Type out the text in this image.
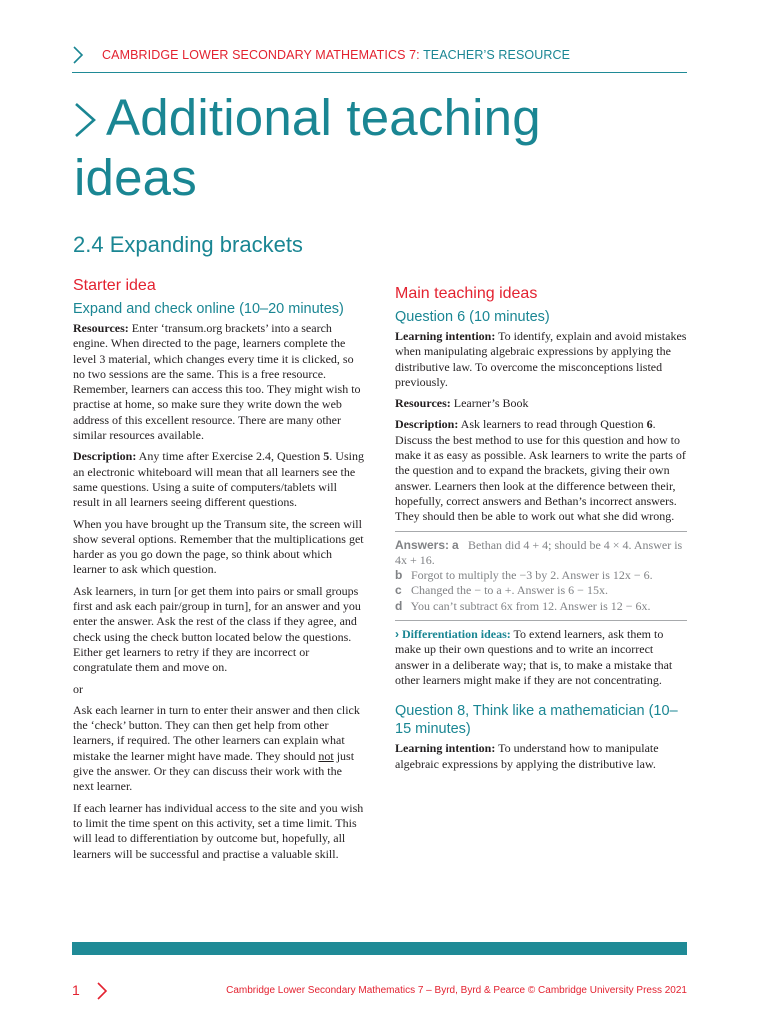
CAMBRIDGE LOWER SECONDARY MATHEMATICS 7: TEACHER’S RESOURCE
Additional teaching
ideas
2.4 Expanding brackets
Starter idea
Expand and check online (10–20 minutes)

Resources: Enter ‘transum.org brackets’ into a search engine. When directed to the page, learners complete the level 3 material, which changes every time it is clicked, so no two sessions are the same. This is a free resource. Remember, learners can access this too. They might wish to practise at home, so make sure they write down the web address of this excellent resource. There are many other similar resources available.

Description: Any time after Exercise 2.4, Question 5. Using an electronic whiteboard will mean that all learners see the same questions. Using a suite of computers/tablets will result in all learners seeing different questions.

When you have brought up the Transum site, the screen will show several options. Remember that the multiplications get harder as you go down the page, so think about which learner to ask which question.

Ask learners, in turn [or get them into pairs or small groups first and ask each pair/group in turn], for an answer and you enter the answer. Ask the rest of the class if they agree, and check using the check button located below the questions. Either get learners to retry if they are incorrect or congratulate them and move on.

or

Ask each learner in turn to enter their answer and then click the ‘check’ button. They can then get help from other learners, if required. The other learners can explain what mistake the learner might have made. They should not just give the answer. Or they can discuss their work with the next learner.

If each learner has individual access to the site and you wish to limit the time spent on this activity, set a time limit. This will lead to differentiation by outcome but, hopefully, all learners will be successful and practise a valuable skill.

Main teaching ideas
Question 6 (10 minutes)

Learning intention: To identify, explain and avoid mistakes when manipulating algebraic expressions by applying the distributive law. To overcome the misconceptions listed previously.

Resources: Learner’s Book

Description: Ask learners to read through Question 6. Discuss the best method to use for this question and how to make it as easy as possible. Ask learners to write the parts of the question and to expand the brackets, giving their own answer. Learners then look at the difference between their, hopefully, correct answers and Bethan’s incorrect answers. They should then be able to work out what she did wrong.

Answers: a Bethan did 4 + 4; should be 4 × 4. Answer is 4x + 16.
b Forgot to multiply the −3 by 2. Answer is 12x − 6.
c Changed the − to a +. Answer is 6 − 15x.
d You can’t subtract 6x from 12. Answer is 12 − 6x.

› Differentiation ideas: To extend learners, ask them to make up their own questions and to write an incorrect answer in a deliberate way; that is, to make a mistake that other learners might make if they are not concentrating.

Question 8, Think like a mathematician (10–15 minutes)

Learning intention: To understand how to manipulate algebraic expressions by applying the distributive law.

1	Cambridge Lower Secondary Mathematics 7 – Byrd, Byrd & Pearce © Cambridge University Press 2021
